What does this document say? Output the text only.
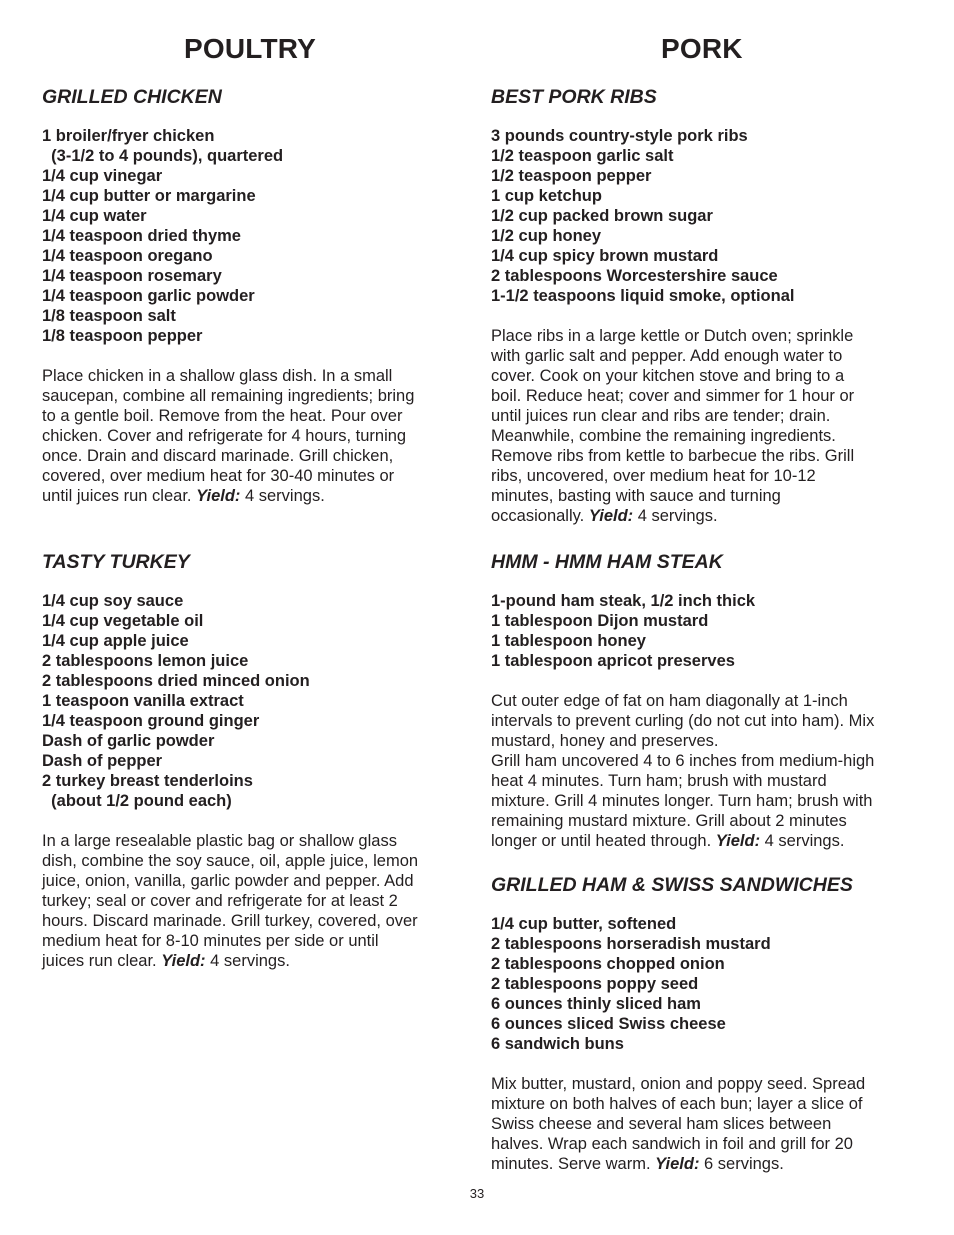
POULTRY	PORK
GRILLED CHICKEN
1 broiler/fryer chicken
(3-1/2 to 4 pounds), quartered
1/4 cup vinegar
1/4 cup butter or margarine
1/4 cup water
1/4 teaspoon dried thyme
1/4 teaspoon oregano
1/4 teaspoon rosemary
1/4 teaspoon garlic powder
1/8 teaspoon salt
1/8 teaspoon pepper
Place chicken in a shallow glass dish. In a small
saucepan, combine all remaining ingredients; bring
to a gentle boil. Remove from the heat. Pour over
chicken. Cover and refrigerate for 4 hours, turning
once. Drain and discard marinade. Grill chicken,
covered, over medium heat for 30-40 minutes or
until juices run clear. Yield: 4 servings.
TASTY TURKEY
1/4 cup soy sauce
1/4 cup vegetable oil
1/4 cup apple juice
2 tablespoons lemon juice
2 tablespoons dried minced onion
1 teaspoon vanilla extract
1/4 teaspoon ground ginger
Dash of garlic powder
Dash of pepper
2 turkey breast tenderloins
(about 1/2 pound each)
In a large resealable plastic bag or shallow glass
dish, combine the soy sauce, oil, apple juice, lemon
juice, onion, vanilla, garlic powder and pepper. Add
turkey; seal or cover and refrigerate for at least 2
hours. Discard marinade. Grill turkey, covered, over
medium heat for 8-10 minutes per side or until
juices run clear. Yield: 4 servings.
BEST PORK RIBS
3 pounds country-style pork ribs
1/2 teaspoon garlic salt
1/2 teaspoon pepper
1 cup ketchup
1/2 cup packed brown sugar
1/2 cup honey
1/4 cup spicy brown mustard
2 tablespoons Worcestershire sauce
1-1/2 teaspoons liquid smoke, optional
Place ribs in a large kettle or Dutch oven; sprinkle
with garlic salt and pepper. Add enough water to
cover. Cook on your kitchen stove and bring to a
boil. Reduce heat; cover and simmer for 1 hour or
until juices run clear and ribs are tender; drain.
Meanwhile, combine the remaining ingredients.
Remove ribs from kettle to barbecue the ribs. Grill
ribs, uncovered, over medium heat for 10-12
minutes, basting with sauce and turning
occasionally. Yield: 4 servings.
HMM - HMM HAM STEAK
1-pound ham steak, 1/2 inch thick
1 tablespoon Dijon mustard
1 tablespoon honey
1 tablespoon apricot preserves
Cut outer edge of fat on ham diagonally at 1-inch
intervals to prevent curling (do not cut into ham). Mix
mustard, honey and preserves.
Grill ham uncovered 4 to 6 inches from medium-high
heat 4 minutes. Turn ham; brush with mustard
mixture. Grill 4 minutes longer. Turn ham; brush with
remaining mustard mixture. Grill about 2 minutes
longer or until heated through. Yield: 4 servings.
GRILLED HAM & SWISS SANDWICHES
1/4 cup butter, softened
2 tablespoons horseradish mustard
2 tablespoons chopped onion
2 tablespoons poppy seed
6 ounces thinly sliced ham
6 ounces sliced Swiss cheese
6 sandwich buns
Mix butter, mustard, onion and poppy seed. Spread
mixture on both halves of each bun; layer a slice of
Swiss cheese and several ham slices between
halves. Wrap each sandwich in foil and grill for 20
minutes. Serve warm. Yield: 6 servings.
33
